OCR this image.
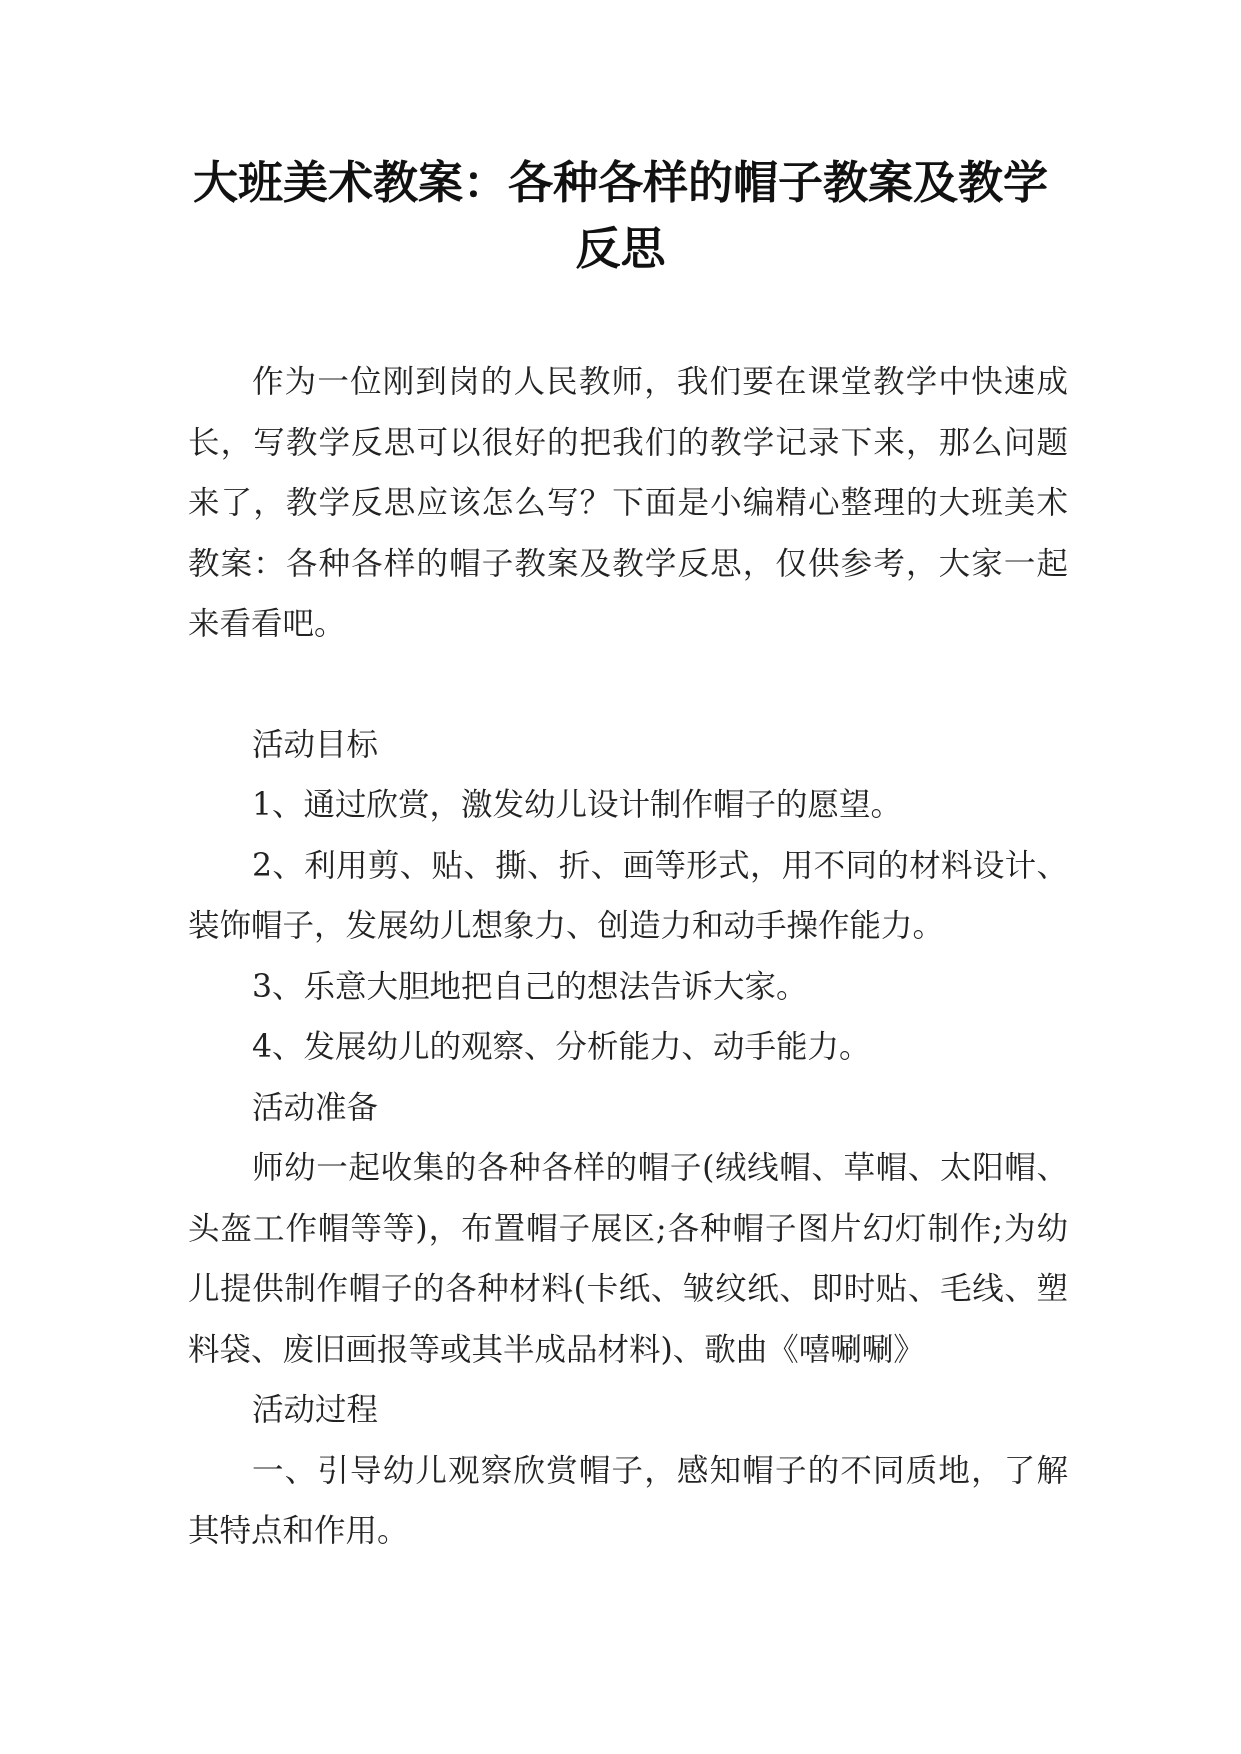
大班美术教案：各种各样的帽子教案及教学反思

作为一位刚到岗的人民教师，我们要在课堂教学中快速成长，写教学反思可以很好的把我们的教学记录下来，那么问题来了，教学反思应该怎么写？下面是小编精心整理的大班美术教案：各种各样的帽子教案及教学反思，仅供参考，大家一起来看看吧。

活动目标

1、通过欣赏，激发幼儿设计制作帽子的愿望。

2、利用剪、贴、撕、折、画等形式，用不同的材料设计、装饰帽子，发展幼儿想象力、创造力和动手操作能力。

3、乐意大胆地把自己的想法告诉大家。

4、发展幼儿的观察、分析能力、动手能力。

活动准备

师幼一起收集的各种各样的帽子(绒线帽、草帽、太阳帽、头盔工作帽等等)，布置帽子展区;各种帽子图片幻灯制作;为幼儿提供制作帽子的各种材料(卡纸、皱纹纸、即时贴、毛线、塑料袋、废旧画报等或其半成品材料)、歌曲《嘻唰唰》

活动过程

一、引导幼儿观察欣赏帽子，感知帽子的不同质地，了解其特点和作用。
